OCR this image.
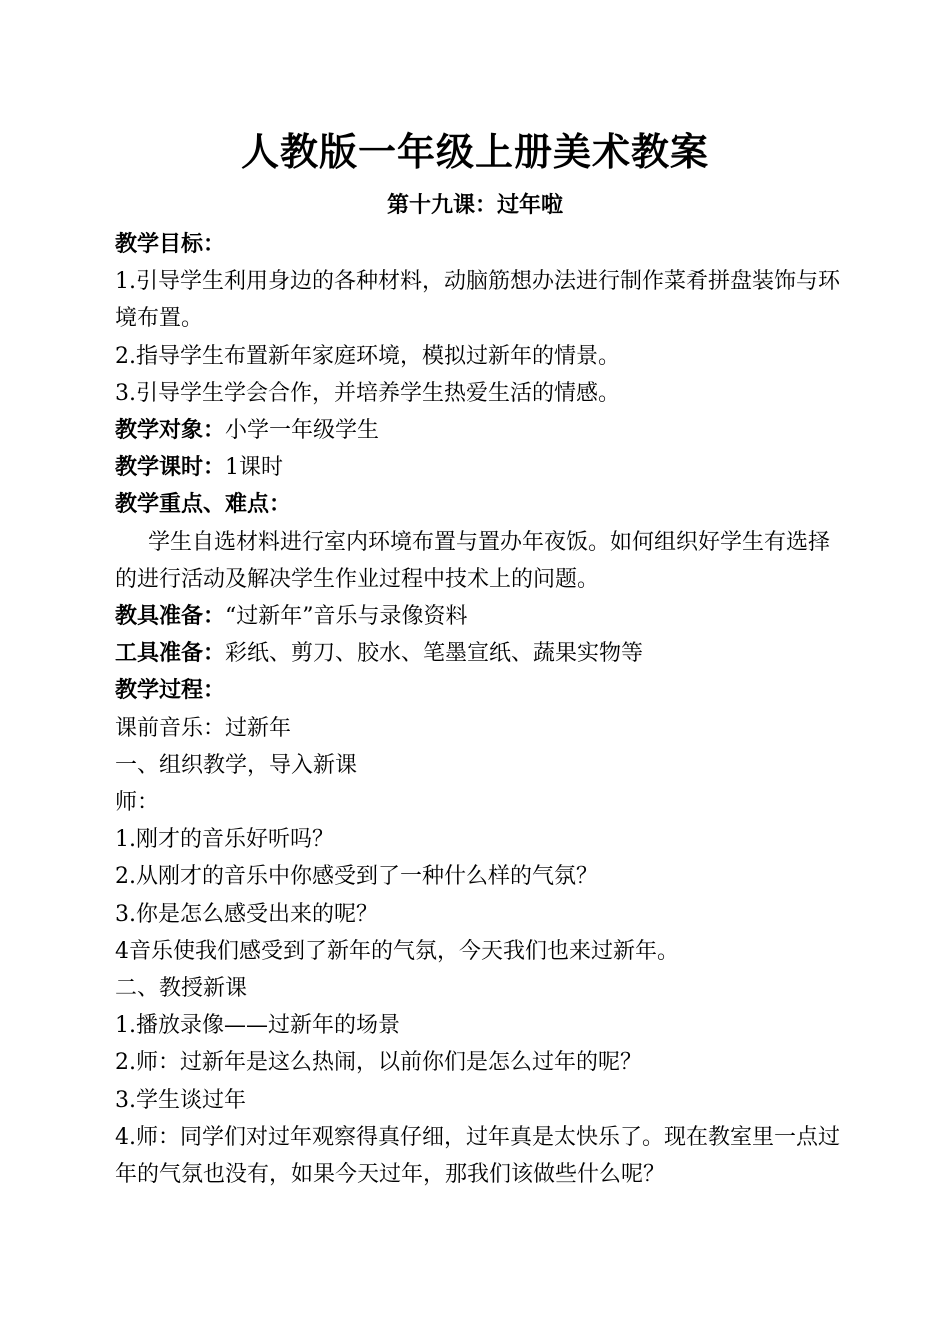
人教版一年级上册美术教案
第十九课：过年啦
教学目标：
1.引导学生利用身边的各种材料，动脑筋想办法进行制作菜肴拼盘装饰与环境布置。
2.指导学生布置新年家庭环境，模拟过新年的情景。
3.引导学生学会合作，并培养学生热爱生活的情感。
教学对象：小学一年级学生
教学课时：1课时
教学重点、难点：
学生自选材料进行室内环境布置与置办年夜饭。如何组织好学生有选择的进行活动及解决学生作业过程中技术上的问题。
教具准备：“过新年”音乐与录像资料
工具准备：彩纸、剪刀、胶水、笔墨宣纸、蔬果实物等
教学过程：
课前音乐：过新年
一、组织教学，导入新课
师：
1.刚才的音乐好听吗？
2.从刚才的音乐中你感受到了一种什么样的气氛？
3.你是怎么感受出来的呢？
4音乐使我们感受到了新年的气氛，今天我们也来过新年。
二、教授新课
1.播放录像——过新年的场景
2.师：过新年是这么热闹，以前你们是怎么过年的呢？
3.学生谈过年
4.师：同学们对过年观察得真仔细，过年真是太快乐了。现在教室里一点过年的气氛也没有，如果今天过年，那我们该做些什么呢？
